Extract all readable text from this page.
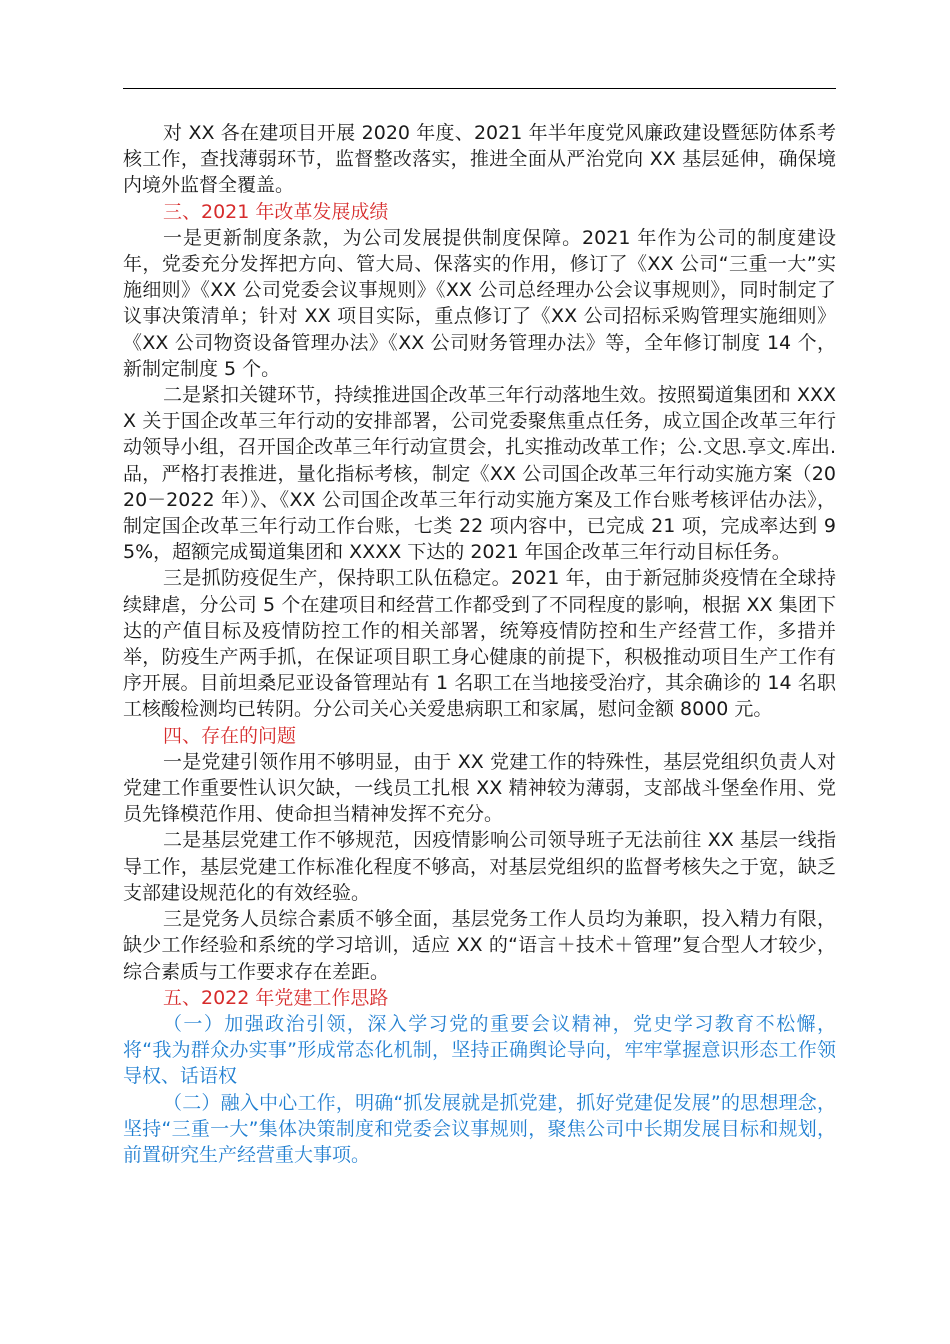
对 XX 各在建项目开展 2020 年度、2021 年半年度党风廉政建设暨惩防体系考核工作，查找薄弱环节，监督整改落实，推进全面从严治党向 XX 基层延伸，确保境内境外监督全覆盖。

三、2021 年改革发展成绩

一是更新制度条款，为公司发展提供制度保障。2021 年作为公司的制度建设年，党委充分发挥把方向、管大局、保落实的作用，修订了《XX 公司“三重一大”实施细则》《XX 公司党委会议事规则》《XX 公司总经理办公会议事规则》，同时制定了议事决策清单；针对 XX 项目实际，重点修订了《XX 公司招标采购管理实施细则》《XX 公司物资设备管理办法》《XX 公司财务管理办法》等，全年修订制度 14 个，新制定制度 5 个。

二是紧扣关键环节，持续推进国企改革三年行动落地生效。按照蜀道集团和 XXXX 关于国企改革三年行动的安排部署，公司党委聚焦重点任务，成立国企改革三年行动领导小组，召开国企改革三年行动宣贯会，扎实推动改革工作；公.文思.享文.库出.品，严格打表推进，量化指标考核，制定《XX 公司国企改革三年行动实施方案（2020－2022 年）》、《XX 公司国企改革三年行动实施方案及工作台账考核评估办法》，制定国企改革三年行动工作台账，七类 22 项内容中，已完成 21 项，完成率达到 95%，超额完成蜀道集团和 XXXX 下达的 2021 年国企改革三年行动目标任务。

三是抓防疫促生产，保持职工队伍稳定。2021 年，由于新冠肺炎疫情在全球持续肆虐，分公司 5 个在建项目和经营工作都受到了不同程度的影响，根据 XX 集团下达的产值目标及疫情防控工作的相关部署，统筹疫情防控和生产经营工作，多措并举，防疫生产两手抓，在保证项目职工身心健康的前提下，积极推动项目生产工作有序开展。目前坦桑尼亚设备管理站有 1 名职工在当地接受治疗，其余确诊的 14 名职工核酸检测均已转阴。分公司关心关爱患病职工和家属，慰问金额 8000 元。

四、存在的问题

一是党建引领作用不够明显，由于 XX 党建工作的特殊性，基层党组织负责人对党建工作重要性认识欠缺，一线员工扎根 XX 精神较为薄弱，支部战斗堡垒作用、党员先锋模范作用、使命担当精神发挥不充分。

二是基层党建工作不够规范，因疫情影响公司领导班子无法前往 XX 基层一线指导工作，基层党建工作标准化程度不够高，对基层党组织的监督考核失之于宽，缺乏支部建设规范化的有效经验。

三是党务人员综合素质不够全面，基层党务工作人员均为兼职，投入精力有限，缺少工作经验和系统的学习培训，适应 XX 的“语言＋技术＋管理”复合型人才较少，综合素质与工作要求存在差距。

五、2022 年党建工作思路

（一）加强政治引领，深入学习党的重要会议精神，党史学习教育不松懈，将“我为群众办实事”形成常态化机制，坚持正确舆论导向，牢牢掌握意识形态工作领导权、话语权

（二）融入中心工作，明确“抓发展就是抓党建，抓好党建促发展”的思想理念，坚持“三重一大”集体决策制度和党委会议事规则，聚焦公司中长期发展目标和规划，前置研究生产经营重大事项。
